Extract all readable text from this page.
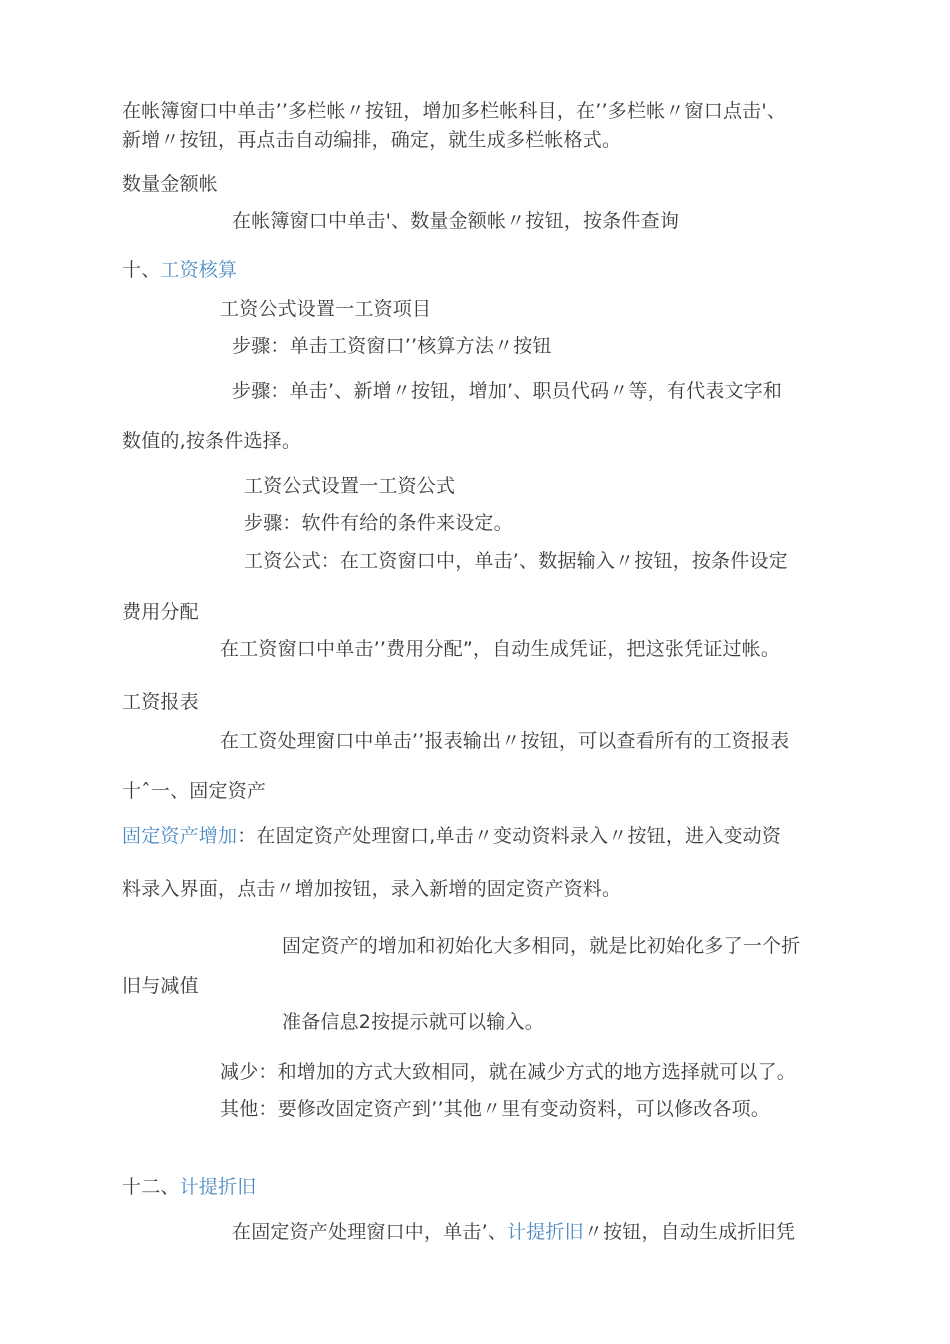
在帐簿窗口中单击’’多栏帐〃按钮，增加多栏帐科目，在’’多栏帐〃窗口点击'、

新增〃按钮，再点击自动编排，确定，就生成多栏帐格式。

数量金额帐

在帐簿窗口中单击'、数量金额帐〃按钮，按条件查询

十、工资核算

工资公式设置一工资项目

步骤：单击工资窗口’’核算方法〃按钮

步骤：单击’、新增〃按钮，增加’、职员代码〃等，有代表文字和

数值的,按条件选择。

工资公式设置一工资公式

步骤：软件有给的条件来设定。

工资公式：在工资窗口中，单击’、数据输入〃按钮，按条件设定

费用分配

在工资窗口中单击’’费用分配”，自动生成凭证，把这张凭证过帐。

工资报表

在工资处理窗口中单击’’报表输出〃按钮，可以查看所有的工资报表

十ˆ一、固定资产

固定资产增加：在固定资产处理窗口,单击〃变动资料录入〃按钮，进入变动资

料录入界面，点击〃增加按钮，录入新增的固定资产资料。

固定资产的增加和初始化大多相同，就是比初始化多了一个折

旧与减值

准备信息2按提示就可以输入。

减少：和增加的方式大致相同，就在减少方式的地方选择就可以了。

其他：要修改固定资产到’’其他〃里有变动资料，可以修改各项。

十二、计提折旧

在固定资产处理窗口中，单击’、计提折旧〃按钮，自动生成折旧凭
